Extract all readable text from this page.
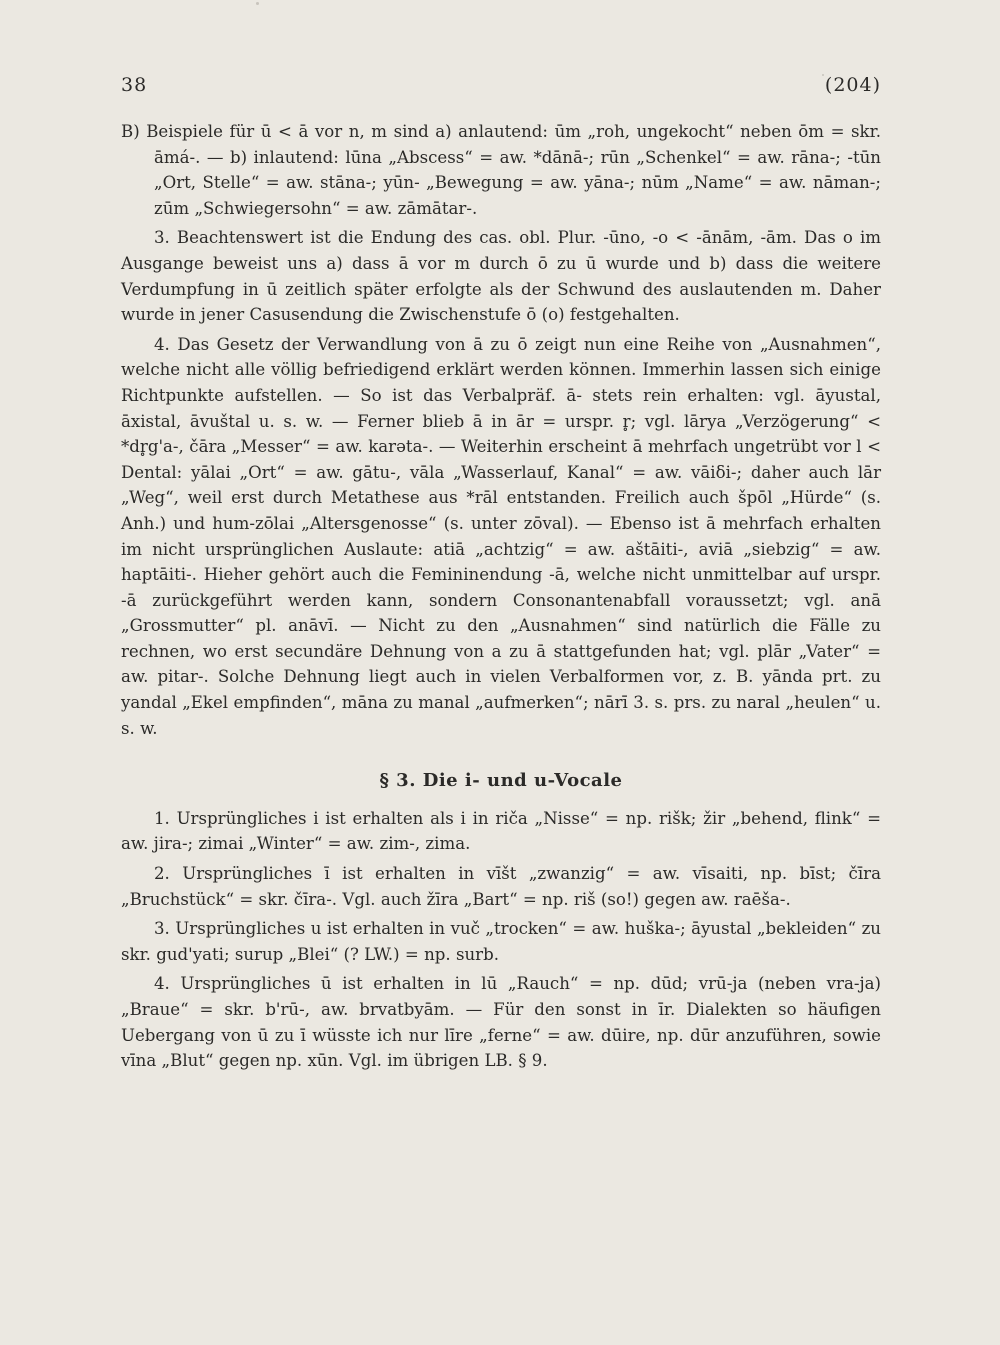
38	(204)

B) Beispiele für ū < ā vor n, m sind a) anlautend: ūm „roh, ungekocht“ neben ōm = skr. āmá-. — b) inlautend: lūna „Abscess“ = aw. *dānā-; rūn „Schenkel“ = aw. rāna-; -tūn „Ort, Stelle“ = aw. stāna-; yūn- „Bewegung = aw. yāna-; nūm „Name“ = aw. nāman-; zūm „Schwiegersohn“ = aw. zāmātar-.

3. Beachtenswert ist die Endung des cas. obl. Plur. -ūno, -o < -ānām, -ām. Das o im Ausgange beweist uns a) dass ā vor m durch ō zu ū wurde und b) dass die weitere Verdumpfung in ū zeitlich später erfolgte als der Schwund des auslautenden m. Daher wurde in jener Casusendung die Zwischenstufe ō (o) festgehalten.

4. Das Gesetz der Verwandlung von ā zu ō zeigt nun eine Reihe von „Ausnahmen“, welche nicht alle völlig befriedigend erklärt werden können. Immerhin lassen sich einige Richtpunkte aufstellen. — So ist das Verbalpräf. ā- stets rein erhalten: vgl. āyustal, āxistal, āvuštal u. s. w. — Ferner blieb ā in ār = urspr. r̥; vgl. lārya „Verzögerung“ < *dr̥g'a-, čāra „Messer“ = aw. karəta-. — Weiterhin erscheint ā mehrfach ungetrübt vor l < Dental: yālai „Ort“ = aw. gātu-, vāla „Wasserlauf, Kanal“ = aw. vāiδi-; daher auch lār „Weg“, weil erst durch Metathese aus *rāl entstanden. Freilich auch špōl „Hürde“ (s. Anh.) und hum-zōlai „Altersgenosse“ (s. unter zōval). — Ebenso ist ā mehrfach erhalten im nicht ursprünglichen Auslaute: atiā „achtzig“ = aw. aštāiti-, aviā „siebzig“ = aw. haptāiti-. Hieher gehört auch die Femininendung -ā, welche nicht unmittelbar auf urspr. -ā zurückgeführt werden kann, sondern Consonantenabfall voraussetzt; vgl. anā „Grossmutter“ pl. anāvī. — Nicht zu den „Ausnahmen“ sind natürlich die Fälle zu rechnen, wo erst secundäre Dehnung von a zu ā stattgefunden hat; vgl. plār „Vater“ = aw. pitar-. Solche Dehnung liegt auch in vielen Verbalformen vor, z. B. yānda prt. zu yandal „Ekel empfinden“, māna zu manal „aufmerken“; nārī 3. s. prs. zu naral „heulen“ u. s. w.

§ 3. Die i- und u-Vocale

1. Ursprüngliches i ist erhalten als i in riča „Nisse“ = np. rišk; žir „behend, flink“ = aw. jira-; zimai „Winter“ = aw. zim-, zima.

2. Ursprüngliches ī ist erhalten in vīšt „zwanzig“ = aw. vīsaiti, np. bīst; čīra „Bruchstück“ = skr. čīra-. Vgl. auch žīra „Bart“ = np. riš (so!) gegen aw. raēša-.

3. Ursprüngliches u ist erhalten in vuč „trocken“ = aw. huška-; āyustal „bekleiden“ zu skr. gud'yati; surup „Blei“ (? LW.) = np. surb.

4. Ursprüngliches ū ist erhalten in lū „Rauch“ = np. dūd; vrū-ja (neben vra-ja) „Braue“ = skr. b'rū-, aw. brvatbyām. — Für den sonst in īr. Dialekten so häufigen Uebergang von ū zu ī wüsste ich nur līre „ferne“ = aw. dūire, np. dūr anzuführen, sowie vīna „Blut“ gegen np. xūn. Vgl. im übrigen LB. § 9.
